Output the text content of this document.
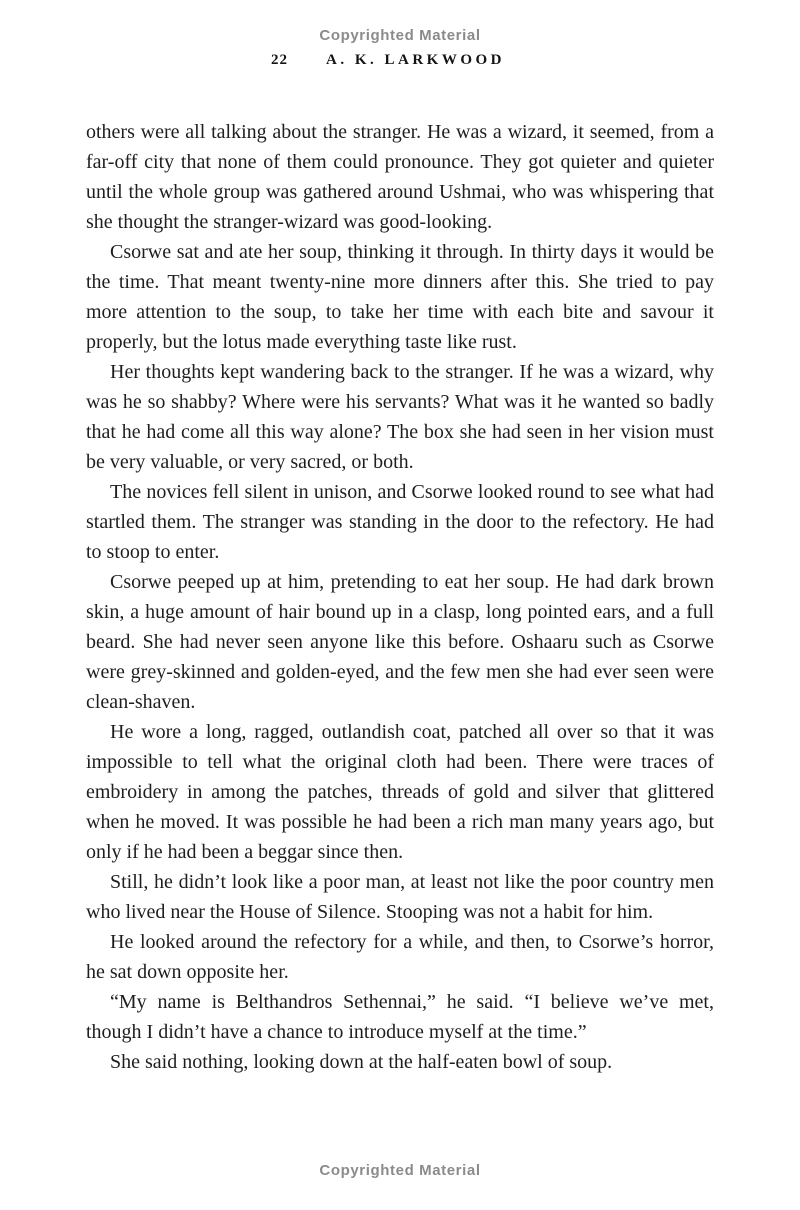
Copyrighted Material
22	A. K. LARKWOOD

others were all talking about the stranger. He was a wizard, it seemed, from a far-off city that none of them could pronounce. They got quieter and quieter until the whole group was gathered around Ushmai, who was whispering that she thought the stranger-wizard was good-looking.

Csorwe sat and ate her soup, thinking it through. In thirty days it would be the time. That meant twenty-nine more dinners after this. She tried to pay more attention to the soup, to take her time with each bite and savour it properly, but the lotus made everything taste like rust.

Her thoughts kept wandering back to the stranger. If he was a wizard, why was he so shabby? Where were his servants? What was it he wanted so badly that he had come all this way alone? The box she had seen in her vision must be very valuable, or very sacred, or both.

The novices fell silent in unison, and Csorwe looked round to see what had startled them. The stranger was standing in the door to the refectory. He had to stoop to enter.

Csorwe peeped up at him, pretending to eat her soup. He had dark brown skin, a huge amount of hair bound up in a clasp, long pointed ears, and a full beard. She had never seen anyone like this before. Oshaaru such as Csorwe were grey-skinned and golden-eyed, and the few men she had ever seen were clean-shaven.

He wore a long, ragged, outlandish coat, patched all over so that it was impossible to tell what the original cloth had been. There were traces of embroidery in among the patches, threads of gold and silver that glittered when he moved. It was possible he had been a rich man many years ago, but only if he had been a beggar since then.

Still, he didn’t look like a poor man, at least not like the poor country men who lived near the House of Silence. Stooping was not a habit for him.

He looked around the refectory for a while, and then, to Csorwe’s horror, he sat down opposite her.

“My name is Belthandros Sethennai,” he said. “I believe we’ve met, though I didn’t have a chance to introduce myself at the time.”

She said nothing, looking down at the half-eaten bowl of soup.

Copyrighted Material
